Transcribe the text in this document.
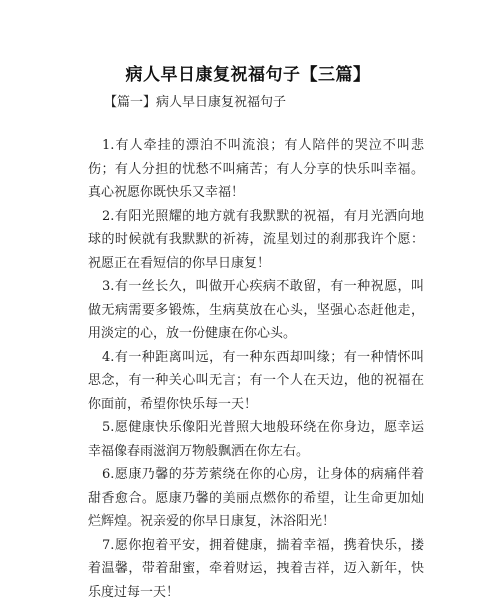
病人早日康复祝福句子【三篇】
【篇一】病人早日康复祝福句子

1.有人牵挂的漂泊不叫流浪；有人陪伴的哭泣不叫悲伤；有人分担的忧愁不叫痛苦；有人分享的快乐叫幸福。真心祝愿你既快乐又幸福！

2.有阳光照耀的地方就有我默默的祝福，有月光洒向地球的时候就有我默默的祈祷，流星划过的刹那我许个愿：祝愿正在看短信的你早日康复！

3.有一丝长久，叫做开心疾病不敢留，有一种祝愿，叫做无病需要多锻炼，生病莫放在心头，坚强心态赶他走，用淡定的心，放一份健康在你心头。

4.有一种距离叫远，有一种东西却叫缘；有一种情怀叫思念，有一种关心叫无言；有一个人在天边，他的祝福在你面前，希望你快乐每一天！

5.愿健康快乐像阳光普照大地般环绕在你身边，愿幸运幸福像春雨滋润万物般飘洒在你左右。

6.愿康乃馨的芬芳萦绕在你的心房，让身体的病痛伴着甜香愈合。愿康乃馨的美丽点燃你的希望，让生命更加灿烂辉煌。祝亲爱的你早日康复，沐浴阳光！

7.愿你抱着平安，拥着健康，揣着幸福，携着快乐，搂着温馨，带着甜蜜，牵着财运，拽着吉祥，迈入新年，快乐度过每一天！
